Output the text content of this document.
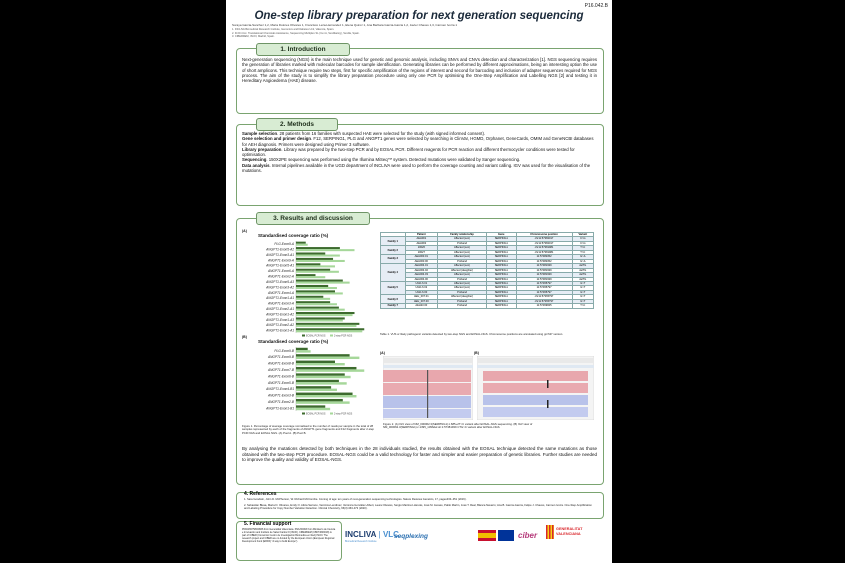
P16.042.B
One-step library preparation for next generation sequencing
Soraya Garcia-Sanchez 1,2, Maria Dolores Olivares 1, Francisco Leza-Hernandez 1, Elena Quiroz 1, Ana Barbara Garcia-Garcia 1,2, Javier Chaves 1,3, Carmen Ivorra 1
1. INCLIVA Biomedical Research Institute, Genomics and Diabetes Unit, Valencia, Spain.
2. Dr.Dr.Cicc. Translational Chemicals Assistance, Sequencing Multiplex SL (Inv.mi, Sevillia/org), Sevilla, Spain.
3. CIBERDEM, ISCIII, Madrid, Spain.
1. Introduction
Next-generation sequencing (NGS) is the main technique used for genetic and genomic analysis, including SNVs and CNVs detection and characterization [1]. NGS sequencing requires the generation of libraries marked with molecular barcodes for sample identification. Generating libraries can be performed by different approximations, being an interesting option the use of short amplicons. This technique require two steps, first for specific amplification of the regions of interest and second for barcoding and inclusion of adapter sequences required for NGS process. The aim of the study is to simplify the library preparation procedure using only one PCR by optimising the One-Step Amplification and Labelling NGS [2] and testing it in Hereditary Angioedema (HAE) disease.
2. Methods
Sample selection. 28 patients from 16 families with suspected HAE were selected for the study (with signed informed consent).
Gene selection and primer design. F12, SERPING1, PLG and ANGPT1 genes were selected by searching in ClinVar, HGMD, Orphanet, GeneCards, OMIM and GeneNCBI databases for AEH diagnosis. Primers were designed using Primer 3 software.
Library preparation. Library was prepared by the two-step PCR and by EOSAL PCR. Different reagents for PCR reaction and different thermocycler conditions were tested for optimisation.
Sequencing. 150X2PE sequencing was performed using the Illumina MiSeq™ system. Detected mutations were validated by Sanger sequencing.
Data analysis. Internal pipelines available in the UGD department of INCLIVA were used to perform the coverage counting and variant calling. IGV was used for the visualisation of the mutations.
3. Results and discussion
(A)
Standardised coverage ratio (%)
PLG-Exon9-A
ANGPT1-Exon5-A2
ANGPT1-Exon3-A1
ANGPT1-Exon9-A
ANGPT1-Exon5-A1
ANGPT1-Exon6-A
ANGPT1-Exon2-A
ANGPT1-Exon5-A3
ANGPT1-Exon3-A2
ANGPT1-Exon4-A
ANGPT1-Exon1-A1
ANGPT1-Exon3-A
ANGPT1-Exon2-A1
ANGPT1-Exon1-A2
ANGPT1-Exon1-A3
ANGPT1-Exon2-A2
ANGPT1-Exon1-A1
EOSAL PCR NGS	2-step PCR NGS
(B)
Standardised coverage ratio (%)
PLG-Exon9-B
ANGPT1-Exon9-B
ANGPT1-Exon8-B
ANGPT1-Exon7-B
ANGPT1-Exon6-B
ANGPT1-Exon5-B
ANGPT1-Exon4-B1
ANGPT1-Exon3-B
ANGPT1-Exon2-B
ANGPT1-Exon1-B1
EOSAL PCR NGS	2-step PCR NGS
Figure 1. Percentage of average coverage normalised to the number of reads per sample in the total of 28 samples represented by each of the fragments of ANGPT1 gene fragments and F12 fragments after 2-step PCR NGS and EOSAL NGS. (A) Pool A. (B) Pool B.
	Patient	Family relationship	Gene	Chromosome position	Variant
Family 1	AEH001	Affected (son)	SERPING1	chr11:57382017	C>G
	AEH002	Proband	SERPING1	chr11:57382017	C>G
Family 2	10026	Affected (son)	SERPING1	chr11:57381981	T>C
	10027	Affected (son)	SERPING1	chr11:57381981	T>C
Family 3	AEH003.01	Affected (son)	SERPING1	11:57382052	G>A
	AEH003.00	Proband	SERPING1	11:57382052	G>A
Family 4	AEH004.01	Affected (son)	SERPING1	11:57381939	delTG
	AEH004.02	Affected (daughter)	SERPING1	11:57381939	delTG
	AEH004.03	Affected (son)	SERPING1	11:57381939	delTG
	AEH004.00	Proband	SERPING1	11:57381939	delTG
Family 5	UGD-6.01	Affected (son)	SERPING1	11:57365797	G>T
	UGD-6.02	Affected (son)	SERPING1	11:57365797	G>T
	UGD-6.00	Proband	SERPING1	11:57365797	G>T
Family 6	AEH_007.01	Affected (daughter)	SERPING1	chr11:57365797	G>T
	AEH_007.00	Proband	SERPING1	chr11:57365797	G>T
Family 7	AEH23.00	Proband	SERPING1	11:57369845	T>C
Table 1. VUS or likely pathogenic variants detected by two-step NGS and EOSAL-NGS. Chromosome positions are annotated using grch37 version.
(A)	(B)
Figure 2. (A) IGV view of NM_000062.3(SERPING1):c.685+2T>C variant after EOSAL-NGS sequencing. (B) IGV view of NM_000062.3(SERPING1):c.1395_1396del:dc:1:57381939 CTG>C variant after EOSAL-NGS.
By analysing the mutations detected by both techniques in the 28 individuals studied, the results obtained with the EOSAL technique detected the same mutations as those obtained with the two-step PCR procedure. EOSAL-NGS could be a valid technology for faster and simpler and easier preparation of genetic libraries. Further studies are needed to improve the quality and validity of EOSAL-NGS.
4. References
1. Sara Goodwin, John D. McPherson, W. Richard McCombie. Coming of age: ten years of next-generation sequencing technologies. Nature Reviews Genetics, 17, pages333–351 (2016).
2. Sebastián Blesa, María D. Olivares, Emily O. Alicia Serrano, Verónica Lendínez, Verónica González-Albert, Laura Olivares, Sergio Martínez-Hervás, José M. Ascaso, Pablo Martín, José T. Real, Blanca Navarro; Ana B. García-García, Felipe J. Chaves, Carmen Ivorra. One-Step Amplification and Labeling Procedure for Copy Number Variation Detection. Clinical Chemistry, 66(3):463-473 (2020).
5. Financial support
PDI18/00758/00666 from Generalitat Valenciana. PI21/00093 from Ministerio de Ciencia e Innovación and Instituto de Salud Carlos III (ISCIII). CIBERDEM (CB07/08/0018) is part of CIBER (Consorcio Centro de Investigación Biomédica en Red) ISCIII. The research project and CIBER are co-funded by the European Union (European Regional Development Fund (ERDF) "A way to build Europe").
INCLIVA | VLC
Biomedical Research Institute
seqplexing	ciber
GENERALITAT
VALENCIANA
